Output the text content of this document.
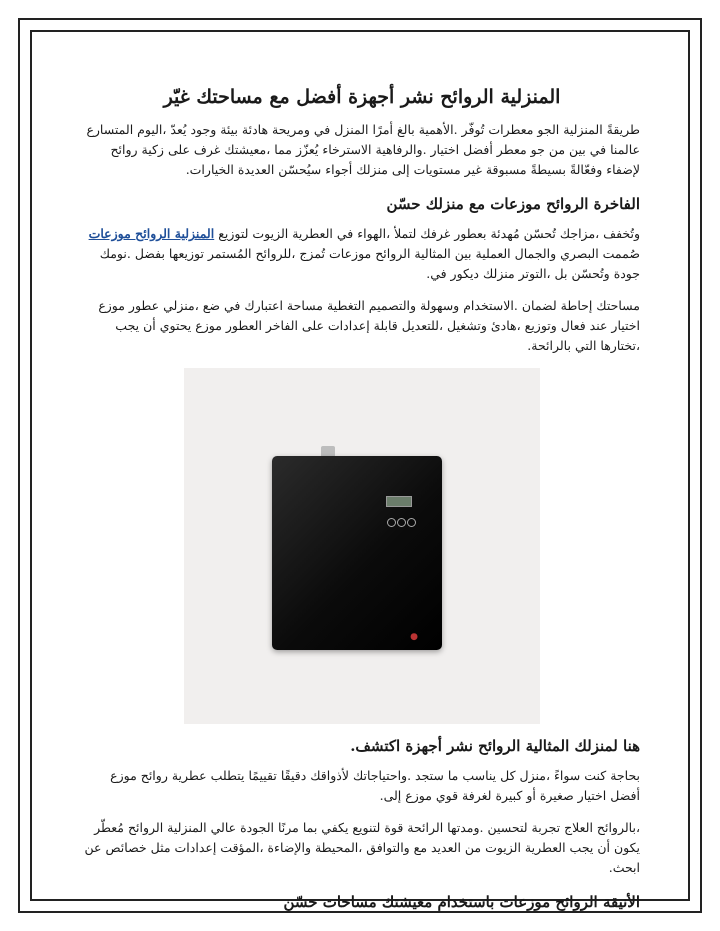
المنزلية الروائح نشر أجهزة أفضل مع مساحتك غيّر

طريقةً المنزلية الجو معطرات تُوفّر .الأهمية بالغ أمرًا المنزل في ومريحة هادئة بيئة وجود يُعدّ ،اليوم المتسارع عالمنا في بين من جو معطر أفضل اختيار .والرفاهية الاسترخاء يُعزّز مما ،معيشتك غرف على زكية روائح لإضفاء وفعّالةً بسيطةً مسبوقة غير مستويات إلى منزلك أجواء سيُحسّن العديدة الخيارات.

الفاخرة الروائح موزعات مع منزلك حسّن

وتُخفف ،مزاجك تُحسّن مُهدئة بعطور غرفك لتملأ ،الهواء في العطرية الزيوت لتوزيع المنزلية الروائح موزعات صُممت البصري والجمال العملية بين المثالية الروائح موزعات تُمزج ،للروائح المُستمر توزيعها بفضل .نومك جودة وتُحسّن بل ،التوتر منزلك ديكور في.

مساحتك إحاطة لضمان .الاستخدام وسهولة والتصميم التغطية مساحة اعتبارك في ضع ،منزلي عطور موزع اختيار عند فعال وتوزيع ،هادئ وتشغيل ،للتعديل قابلة إعدادات على الفاخر العطور موزع يحتوي أن يجب ،تختارها التي بالرائحة.

●
هنا لمنزلك المثالية الروائح نشر أجهزة اكتشف.

بحاجة كنت سواءً ،منزل كل يناسب ما ستجد .واحتياجاتك لأذواقك دقيقًا تقييمًا يتطلب عطرية روائح موزع أفضل اختيار صغيرة أو كبيرة لغرفة قوي موزع إلى.

،بالروائح العلاج تجربة لتحسين .ومدتها الرائحة قوة لتنويع يكفي بما مرنًا الجودة عالي المنزلية الروائح مُعطّر يكون أن يجب العطرية الزيوت من العديد مع والتوافق ،المحيطة والإضاءة ،المؤقت إعدادات مثل خصائص عن ابحث.

الأنيقة الروائح موزعات باستخدام معيشتك مساحات حسّن
